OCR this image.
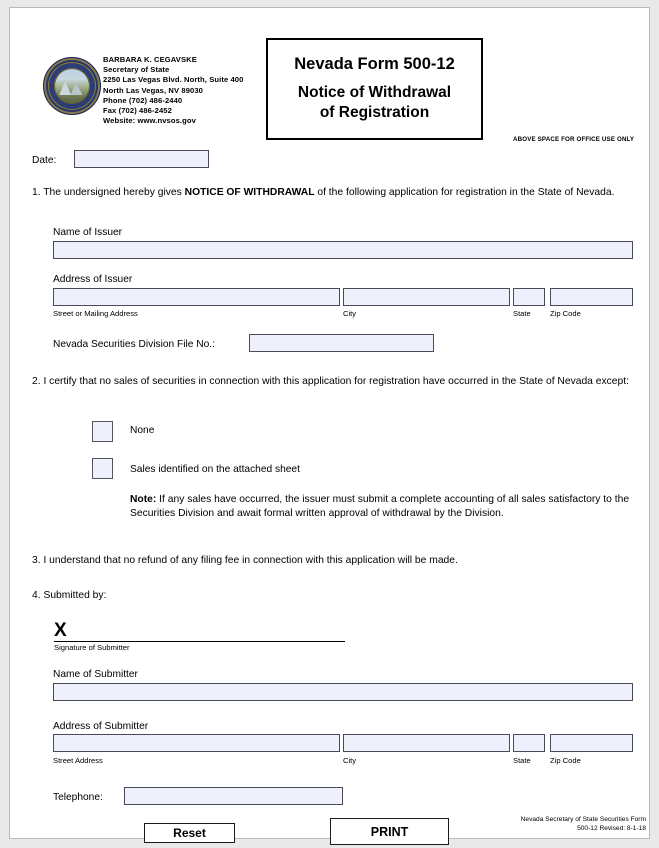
BARBARA K. CEGAVSKE
Secretary of State
2250 Las Vegas Blvd. North, Suite 400
North Las Vegas, NV 89030
Phone (702) 486-2440
Fax (702) 486-2452
Website: www.nvsos.gov
Nevada Form 500-12
Notice of Withdrawal
of Registration
ABOVE SPACE FOR OFFICE USE ONLY
Date:
1. The undersigned hereby gives NOTICE OF WITHDRAWAL of the following application for registration in the State of Nevada.
Name of Issuer
Address of Issuer
Street or Mailing Address	City	State	Zip Code
Nevada Securities Division File No.:
2. I certify that no sales of securities in connection with this application for registration have occurred in the State of Nevada except:
None
Sales identified on the attached sheet
Note: If any sales have occurred, the issuer must submit a complete accounting of all sales satisfactory to the Securities Division and await formal written approval of withdrawal by the Division.
3. I understand that no refund of any filing fee in connection with this application will be made.
4. Submitted by:
X
Signature of Submitter
Name of Submitter
Address of Submitter
Street Address	City	State	Zip Code
Telephone:
Reset	PRINT
Nevada Secretary of State Securities Form
500-12 Revised: 8-1-18
